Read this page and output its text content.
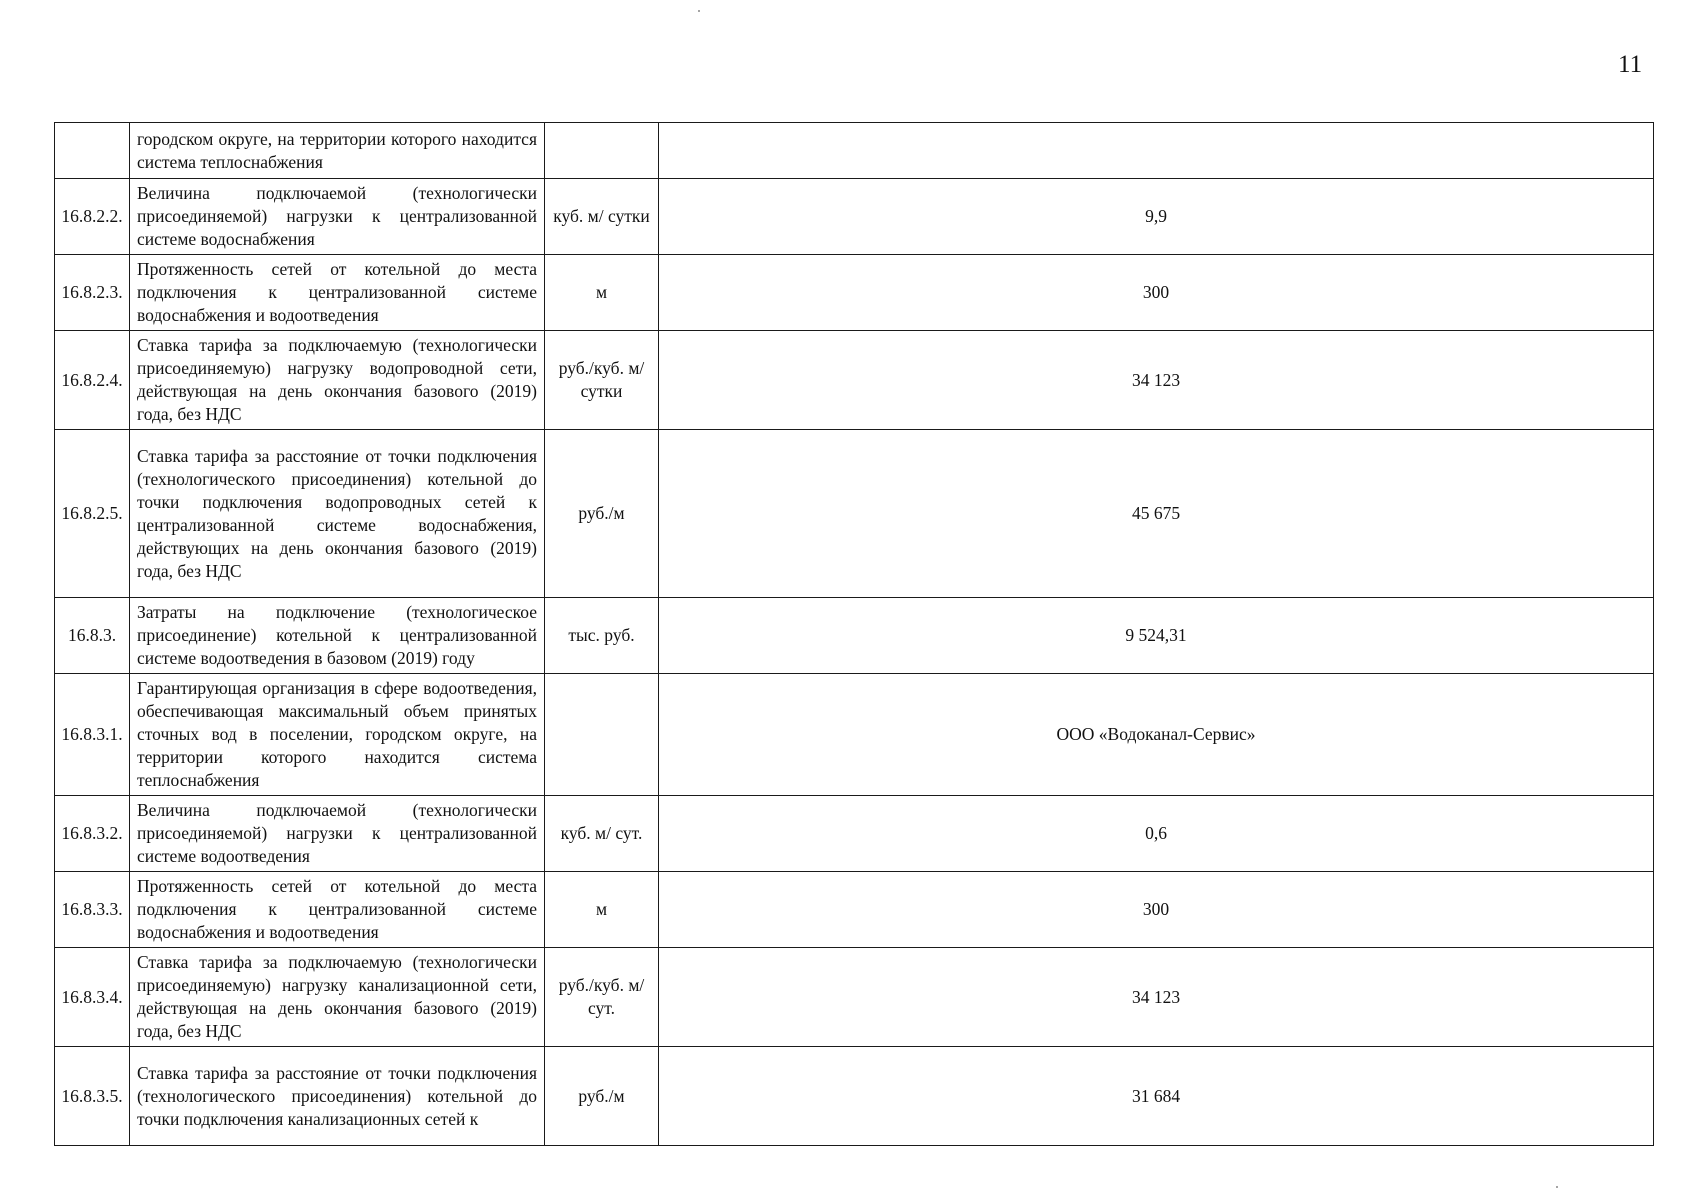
11
	городском округе, на территории которого находится система теплоснабжения		
16.8.2.2.	Величина подключаемой (технологически присоединяемой) нагрузки к централизованной системе водоснабжения	куб. м/ сутки	9,9
16.8.2.3.	Протяженность сетей от котельной до места подключения к централизованной системе водоснабжения и водоотведения	м	300
16.8.2.4.	Ставка тарифа за подключаемую (технологически присоединяемую) нагрузку водопроводной сети, действующая на день окончания базового (2019) года, без НДС	руб./куб. м/сутки	34 123
16.8.2.5.	Ставка тарифа за расстояние от точки подключения (технологического присоединения) котельной до точки подключения водопроводных сетей к централизованной системе водоснабжения, действующих на день окончания базового (2019) года, без НДС	руб./м	45 675
16.8.3.	Затраты на подключение (технологическое присоединение) котельной к централизованной системе водоотведения в базовом (2019) году	тыс. руб.	9 524,31
16.8.3.1.	Гарантирующая организация в сфере водоотведения, обеспечивающая максимальный объем принятых сточных вод в поселении, городском округе, на территории которого находится система теплоснабжения		ООО «Водоканал-Сервис»
16.8.3.2.	Величина подключаемой (технологически присоединяемой) нагрузки к централизованной системе водоотведения	куб. м/ сут.	0,6
16.8.3.3.	Протяженность сетей от котельной до места подключения к централизованной системе водоснабжения и водоотведения	м	300
16.8.3.4.	Ставка тарифа за подключаемую (технологически присоединяемую) нагрузку канализационной сети, действующая на день окончания базового (2019) года, без НДС	руб./куб. м/сут.	34 123
16.8.3.5.	Ставка тарифа за расстояние от точки подключения (технологического присоединения) котельной до точки подключения канализационных сетей к	руб./м	31 684
